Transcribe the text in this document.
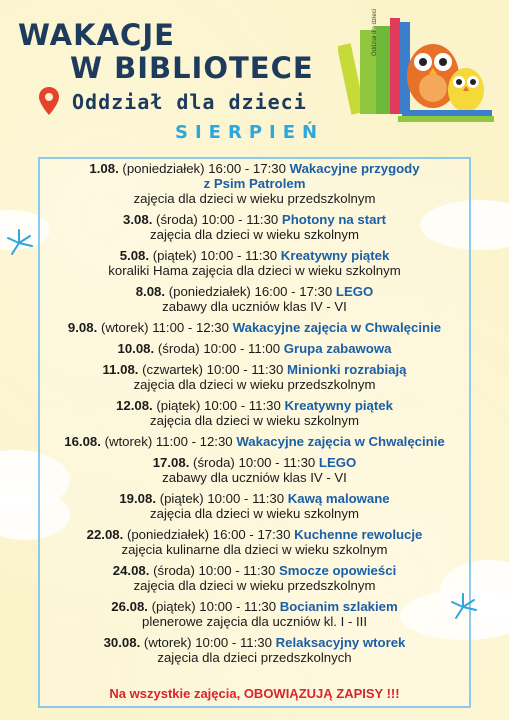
WAKACJE
W BIBLIOTECE
Oddział dla dzieci
SIERPIEŃ
Oddział dla dzieci
1.08. (poniedziałek) 16:00 - 17:30 Wakacyjne przygody
z Psim Patrolem
zajęcia dla dzieci w wieku przedszkolnym
3.08. (środa) 10:00 - 11:30 Photony na start
zajęcia dla dzieci w wieku szkolnym
5.08. (piątek) 10:00 - 11:30 Kreatywny piątek
koraliki Hama zajęcia dla dzieci w wieku szkolnym
8.08. (poniedziałek) 16:00 - 17:30 LEGO
zabawy dla uczniów klas IV - VI
9.08. (wtorek) 11:00 - 12:30 Wakacyjne zajęcia w Chwalęcinie
10.08. (środa) 10:00 - 11:00 Grupa zabawowa
11.08. (czwartek) 10:00 - 11:30 Minionki rozrabiają
zajęcia dla dzieci w wieku przedszkolnym
12.08. (piątek) 10:00 - 11:30 Kreatywny piątek
zajęcia dla dzieci w wieku szkolnym
16.08. (wtorek) 11:00 - 12:30 Wakacyjne zajęcia w Chwalęcinie
17.08. (środa) 10:00 - 11:30 LEGO
zabawy dla uczniów klas IV - VI
19.08. (piątek) 10:00 - 11:30 Kawą malowane
zajęcia dla dzieci w wieku szkolnym
22.08. (poniedziałek) 16:00 - 17:30 Kuchenne rewolucje
zajęcia kulinarne dla dzieci w wieku szkolnym
24.08. (środa) 10:00 - 11:30 Smocze opowieści
zajęcia dla dzieci w wieku przedszkolnym
26.08. (piątek) 10:00 - 11:30 Bocianim szlakiem
plenerowe zajęcia dla uczniów kl. I - III
30.08. (wtorek) 10:00 - 11:30 Relaksacyjny wtorek
zajęcia dla dzieci przedszkolnych
Na wszystkie zajęcia, OBOWIĄZUJĄ ZAPISY !!!
